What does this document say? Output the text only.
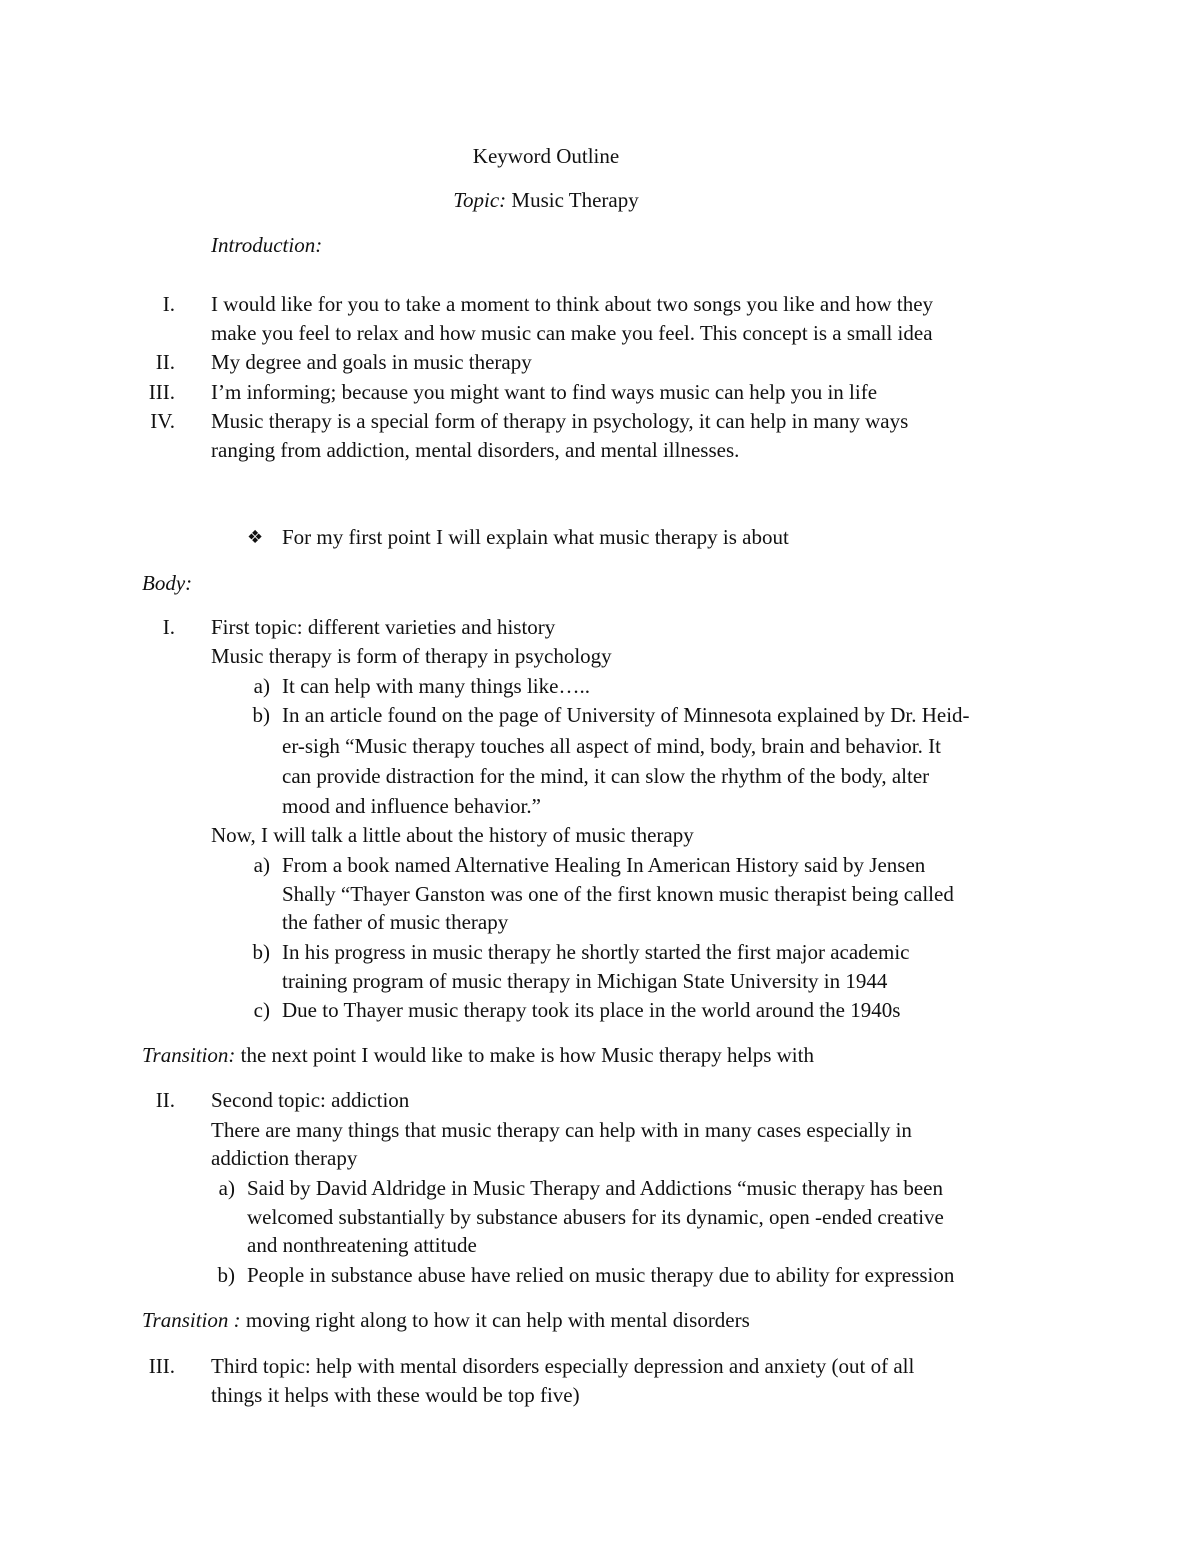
Keyword Outline
Topic: Music Therapy
Introduction:
I. I would like for you to take a moment to think about two songs you like and how they
make you feel to relax and how music can make you feel. This concept is a small idea
II. My degree and goals in music therapy
III. I’m informing; because you might want to find ways music can help you in life
IV. Music therapy is a special form of therapy in psychology, it can help in many ways
ranging from addiction, mental disorders, and mental illnesses.
❖ For my first point I will explain what music therapy is about
Body:
I. First topic: different varieties and history
Music therapy is form of therapy in psychology
a) It can help with many things like…..
b) In an article found on the page of University of Minnesota explained by Dr. Heid-
er-sigh “Music therapy touches all aspect of mind, body, brain and behavior. It
can provide distraction for the mind, it can slow the rhythm of the body, alter
mood and influence behavior.”
Now, I will talk a little about the history of music therapy
a) From a book named Alternative Healing In American History said by Jensen
Shally “Thayer Ganston was one of the first known music therapist being called
the father of music therapy
b) In his progress in music therapy he shortly started the first major academic
training program of music therapy in Michigan State University in 1944
c) Due to Thayer music therapy took its place in the world around the 1940s
Transition: the next point I would like to make is how Music therapy helps with
II. Second topic: addiction
There are many things that music therapy can help with in many cases especially in
addiction therapy
a) Said by David Aldridge in Music Therapy and Addictions “music therapy has been
welcomed substantially by substance abusers for its dynamic, open -ended creative
and nonthreatening attitude
b) People in substance abuse have relied on music therapy due to ability for expression
Transition : moving right along to how it can help with mental disorders
III. Third topic: help with mental disorders especially depression and anxiety (out of all
things it helps with these would be top five)
